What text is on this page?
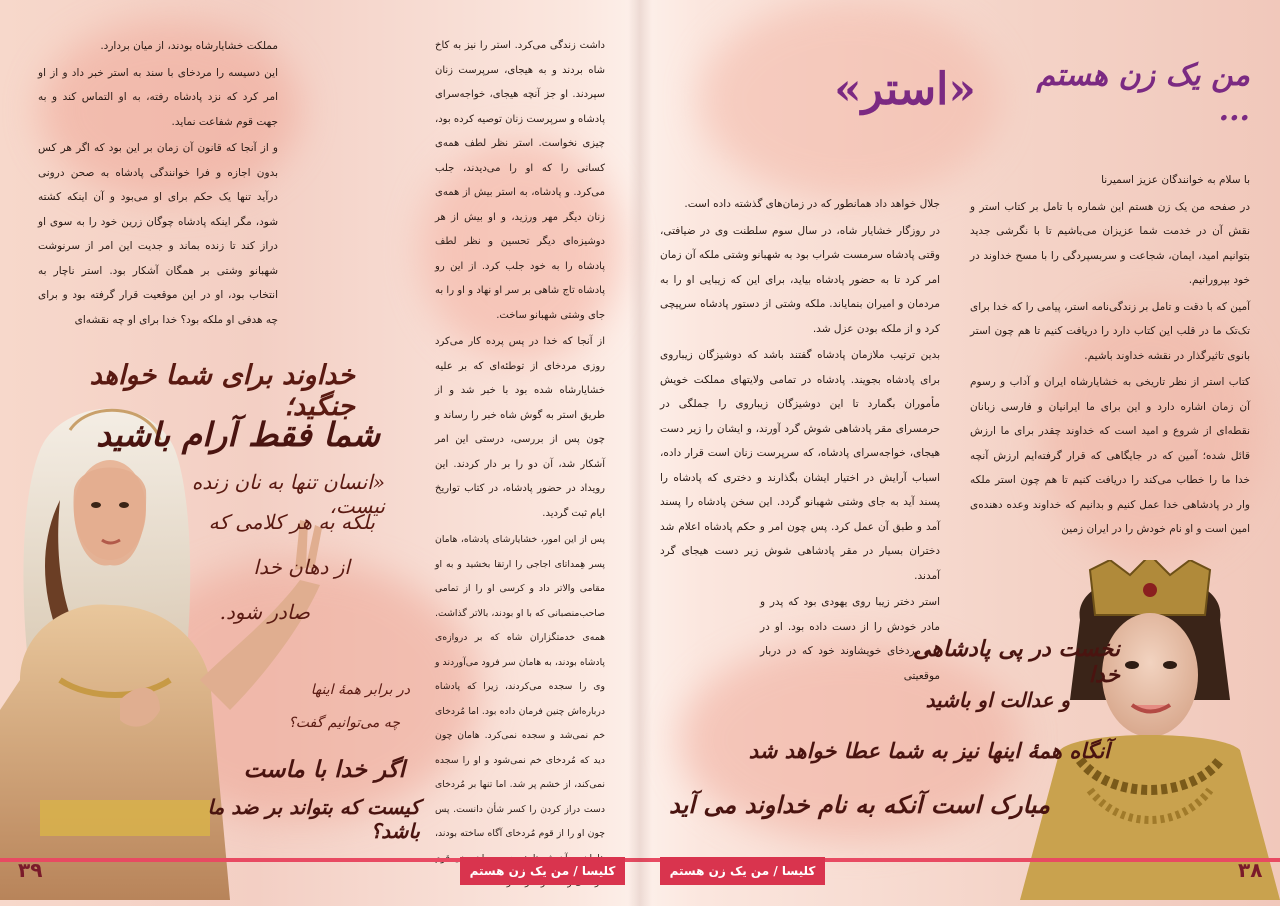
مملکت خشایارشاه بودند، از میان بردارد.

این دسیسه را مردخای با سند به استر خبر داد و از او امر کرد که نزد پادشاه رفته، به او التماس کند و به جهت قوم شفاعت نماید.

و از آنجا که قانون آن زمان بر این بود که اگر هر کس بدون اجازه و فرا خوانندگی پادشاه به صحن درونی درآید تنها یک حکم برای او می‌بود و آن اینکه کشته شود، مگر اینکه پادشاه چوگان زرین خود را به سوی او دراز کند تا زنده بماند و جدیت این امر از سرنوشت شهبانو وشتی بر همگان آشکار بود. استر ناچار به انتخاب بود، او در این موقعیت قرار گرفته بود و برای چه هدفی او ملکه بود؟ خدا برای او چه نقشه‌ای

داشت زندگی می‌کرد. استر را نیز به کاخ شاه بردند و به هیجای، سرپرست زنان سپردند. او جز آنچه هیجای، خواجه‌سرای پادشاه و سرپرست زنان توصیه کرده بود، چیزی نخواست. استر نظر لطف همه‌ی کسانی را که او را می‌دیدند، جلب می‌کرد. و پادشاه، به استر بیش از همه‌ی زنان دیگر مهر ورزید، و او بیش از هر دوشیزه‌ای دیگر تحسین و نظر لطف پادشاه را به خود جلب کرد. از این رو پادشاه تاج شاهی بر سر او نهاد و او را به جای وشتی شهبانو ساخت.

از آنجا که خدا در پس پرده کار می‌کرد روزی مردخای از توطئه‌ای که بر علیه خشایارشاه شده بود با خبر شد و از طریق استر به گوش شاه خبر را رساند و چون پس از بررسی، درستی این امر آشکار شد، آن دو را بر دار کردند. این رویداد در حضور پادشاه، در کتاب تواریخ ایام ثبت گردید.

پس از این امور، خشایارشای پادشاه، هامان پسر هِمداتای اجاجی را ارتقا بخشید و به او مقامی والاتر داد و کرسی او را از تمامی صاحب‌منصبانی که با او بودند، بالاتر گذاشت. همه‌ی خدمتگزاران شاه که بر دروازه‌ی پادشاه بودند، به هامان سر فرود می‌آوردند و وی را سجده می‌کردند، زیرا که پادشاه درباره‌اش چنین فرمان داده بود. اما مُردخای خم نمی‌شد و سجده نمی‌کرد. هامان چون دید که مُردخای خم نمی‌شود و او را سجده نمی‌کند، از خشم پر شد. اما تنها بر مُردخای دست دراز کردن را کسر شأن دانست. پس چون او را از قوم مُردخای آگاه ساخته بودند،

خداوند برای شما خواهد جنگید؛
شما فقط آرام باشید
«انسان تنها به نان زنده نیست،
بلکه به هر کلامی که
از دهان خدا
صادر شود.
در برابر همهٔ اینها
چه می‌توانیم گفت؟
اگر خدا با ماست
کیست که بتواند بر ضد ما باشد؟
کلیسا / من یک زن هستم
۳۹
من یک زن هستم ...
«استر»

با سلام به خوانندگان عزیز اسمیرنا

در صفحه من یک زن هستم این شماره با تامل بر کتاب استر و نقش آن در خدمت شما عزیزان می‌باشیم تا با نگرشی جدید بتوانیم امید، ایمان، شجاعت و سربسپردگی را با مسح خداوند در خود بپرورانیم.

آمین که با دقت و تامل بر زندگی‌نامه استر، پیامی را که خدا برای تک‌تک ما در قلب این کتاب دارد را دریافت کنیم تا هم چون استر بانوی تاثیرگذار در نقشه خداوند باشیم.

کتاب استر از نظر تاریخی به خشایارشاه ایران و آداب و رسوم آن زمان اشاره دارد و این برای ما ایرانیان و فارسی زبانان نقطه‌ای از شروع و امید است که خداوند چقدر برای ما ارزش قائل شده؛ آمین که در جایگاهی که قرار گرفته‌ایم ارزش آنچه خدا ما را خطاب می‌کند را دریافت کنیم تا هم چون استر ملکه وار در پادشاهی خدا عمل کنیم و بدانیم که خداوند وعده دهنده‌ی امین است و او نام خودش را در ایران زمین

جلال خواهد داد همانطور که در زمان‌های گذشته داده است.

در روزگار خشایار شاه، در سال سوم سلطنت وی در ضیافتی، وقتی پادشاه سرمست شراب بود به شهبانو وشتی ملکه آن زمان امر کرد تا به حضور پادشاه بیاید، برای این که زیبایی او را به مردمان و امیران بنمایاند. ملکه وشتی از دستور پادشاه سرپیچی کرد و از ملکه بودن عزل شد.

بدین ترتیب ملازمان پادشاه گفتند باشد که دوشیزگان زیباروی برای پادشاه بجویند. پادشاه در تمامی ولایتهای مملکت خویش مأموران بگمارد تا این دوشیزگان زیباروی را جملگی در حرمسرای مقر پادشاهی شوش گرد آورند، و ایشان را زیر دست هیجای، خواجه‌سرای پادشاه، که سرپرست زنان است قرار داده، اسباب آرایش در اختیار ایشان بگذارند و دختری که پادشاه را پسند آید به جای وشتی شهبانو گردد. این سخن پادشاه را پسند آمد و طبق آن عمل کرد. پس چون امر و حکم پادشاه اعلام شد دختران بسیار در مقر پادشاهی شوش زیر دست هیجای گرد آمدند.

استر دختر زیبا روی یهودی بود که پدر و مادر خودش را از دست داده بود. او در نزد مردخای خویشاوند خود که در دربار موقعیتی

نخست در پی پادشاهی خدا
و عدالت او باشید
آنگاه همهٔ اینها نیز به شما عطا خواهد شد
مبارک است آنکه به نام خداوند می آید
کلیسا / من یک زن هستم	۳۸
